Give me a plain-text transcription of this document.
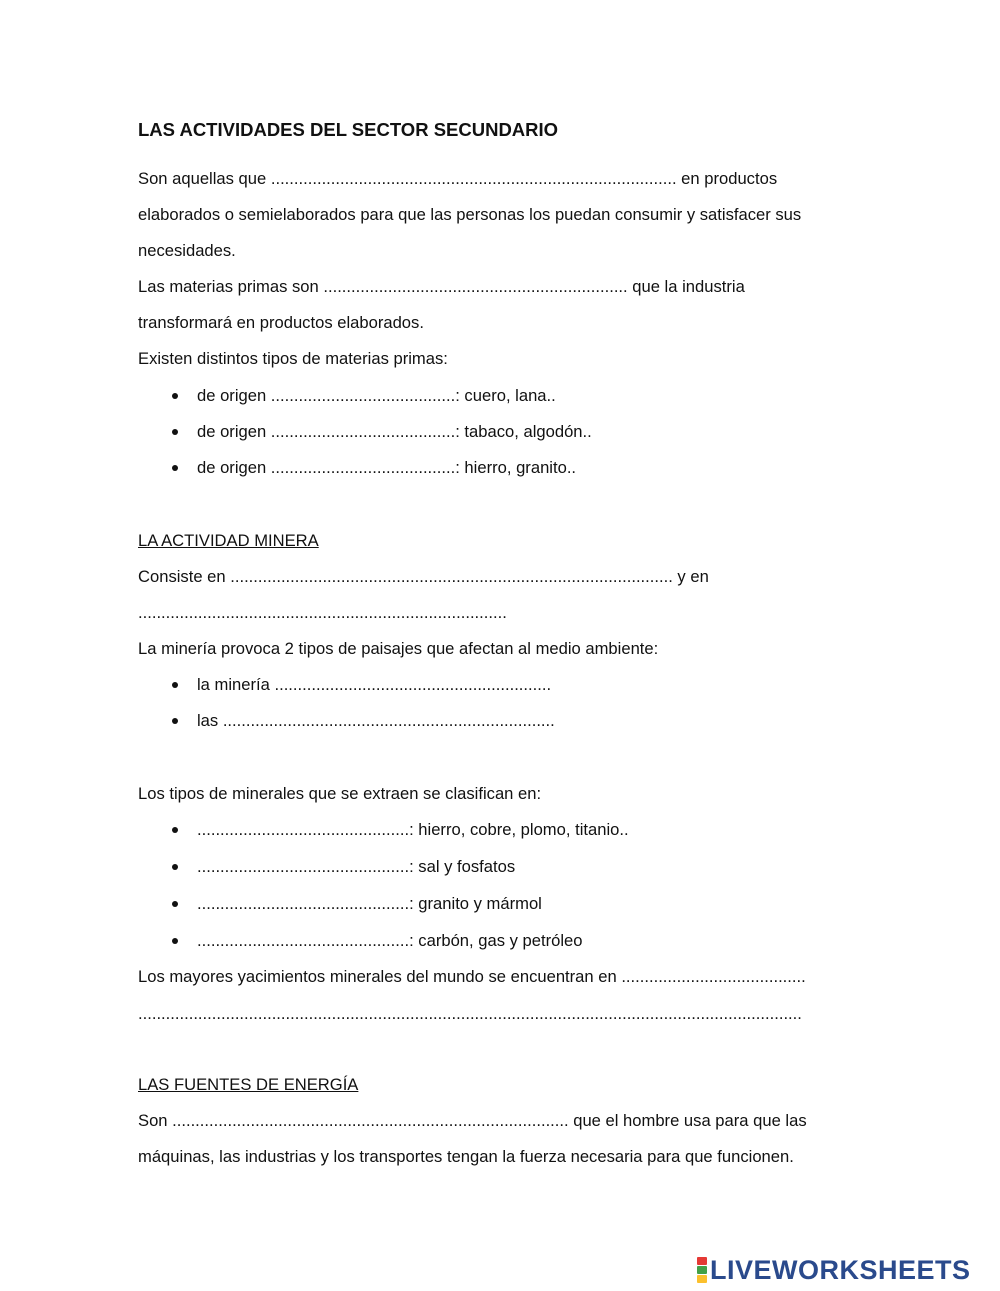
LAS ACTIVIDADES DEL SECTOR SECUNDARIO
Son aquellas que ........................................................................................ en productos
elaborados o semielaborados para que las personas los puedan consumir y satisfacer sus
necesidades.
Las materias primas son .................................................................. que la industria
transformará en productos elaborados.
Existen distintos tipos de materias primas:
de origen ........................................: cuero, lana..
de origen ........................................: tabaco, algodón..
de origen ........................................: hierro, granito..
LA ACTIVIDAD MINERA
Consiste en ................................................................................................ y en
................................................................................
La minería provoca 2 tipos de paisajes que afectan al medio ambiente:
la minería ............................................................
las ........................................................................
Los tipos de minerales que se extraen se clasifican en:
..............................................: hierro, cobre, plomo, titanio..
..............................................: sal y fosfatos
..............................................: granito y mármol
..............................................: carbón, gas y petróleo
Los mayores yacimientos minerales del mundo se encuentran en ........................................
................................................................................................................................................
LAS FUENTES DE ENERGÍA
Son ...................................................................................... que el hombre usa para que las
máquinas, las industrias y los transportes tengan la fuerza necesaria para que funcionen.
LIVEWORKSHEETS
